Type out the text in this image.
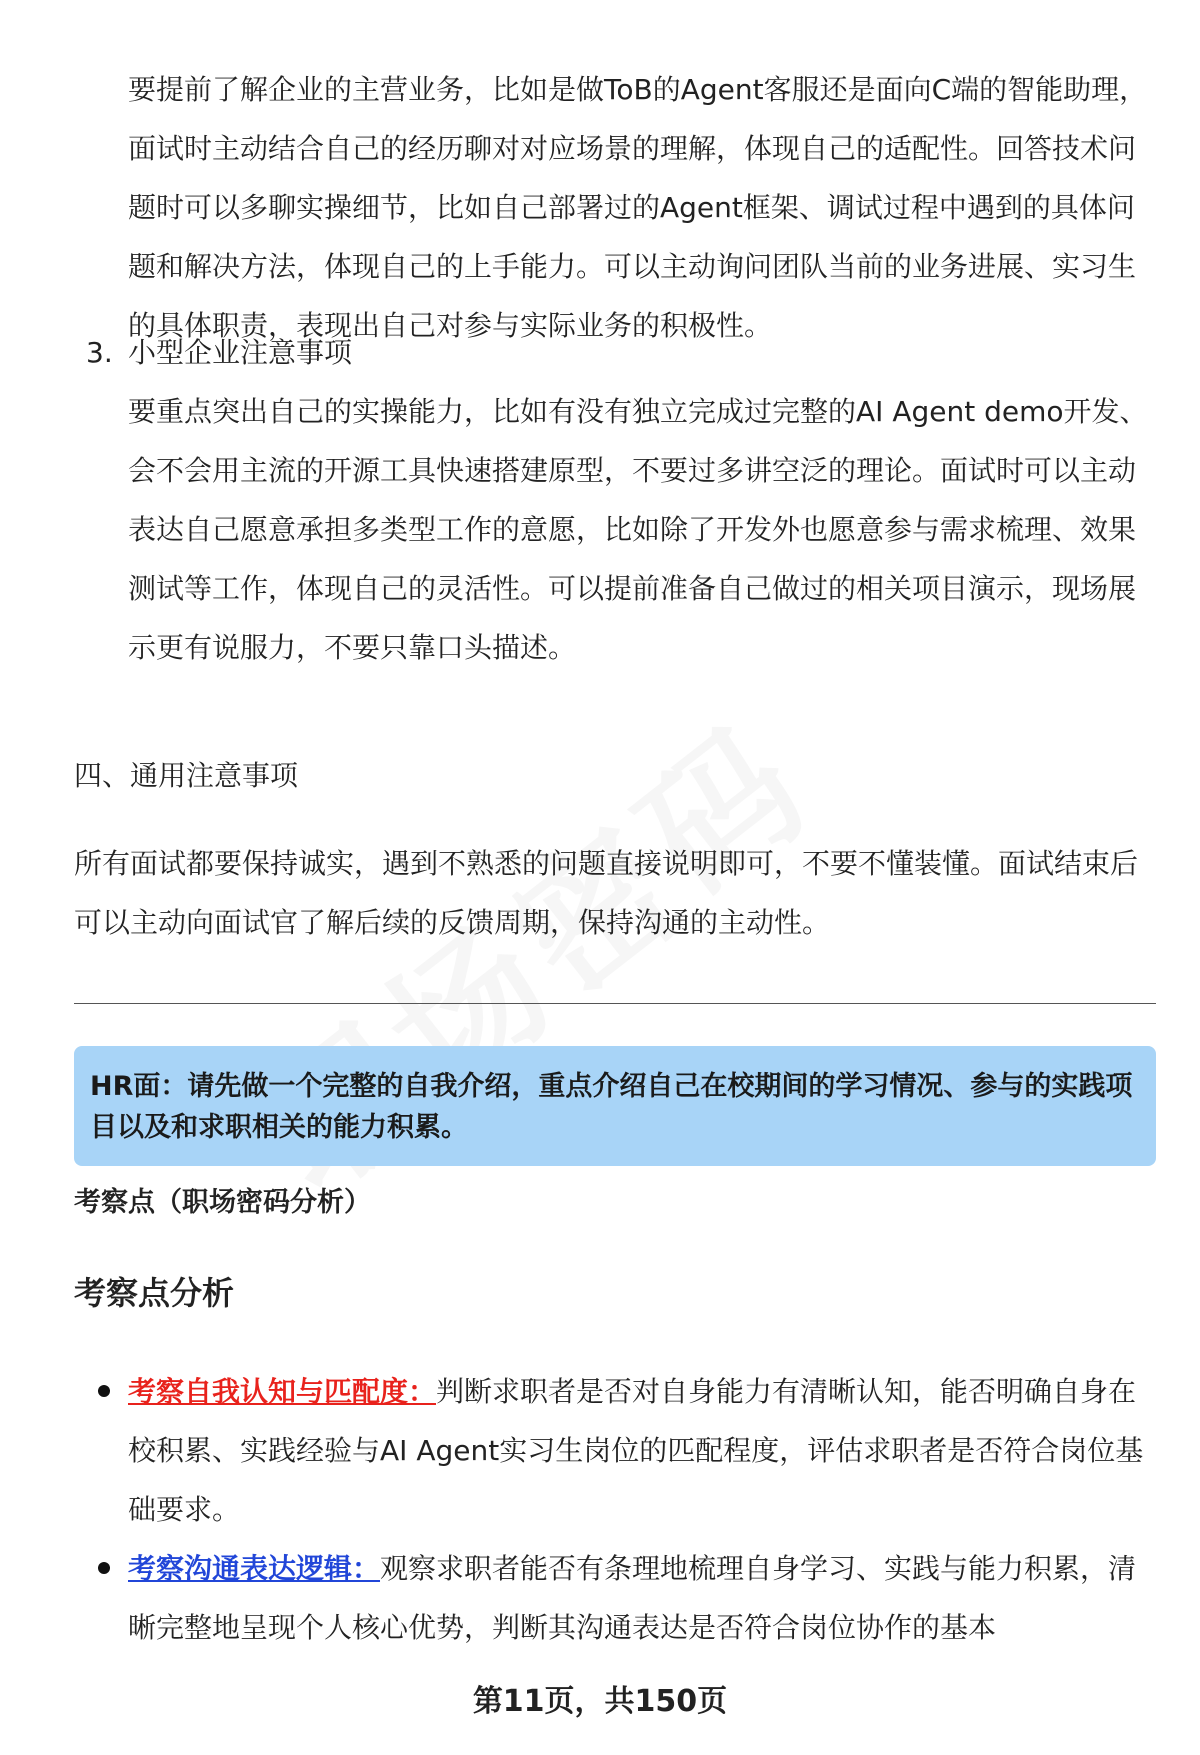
要提前了解企业的主营业务，比如是做ToB的Agent客服还是面向C端的智能助理，面试时主动结合自己的经历聊对对应场景的理解，体现自己的适配性。回答技术问题时可以多聊实操细节，比如自己部署过的Agent框架、调试过程中遇到的具体问题和解决方法，体现自己的上手能力。可以主动询问团队当前的业务进展、实习生的具体职责，表现出自己对参与实际业务的积极性。

3. 小型企业注意事项

要重点突出自己的实操能力，比如有没有独立完成过完整的AI Agent demo开发、会不会用主流的开源工具快速搭建原型，不要过多讲空泛的理论。面试时可以主动表达自己愿意承担多类型工作的意愿，比如除了开发外也愿意参与需求梳理、效果测试等工作，体现自己的灵活性。可以提前准备自己做过的相关项目演示，现场展示更有说服力，不要只靠口头描述。

四、通用注意事项

所有面试都要保持诚实，遇到不熟悉的问题直接说明即可，不要不懂装懂。面试结束后可以主动向面试官了解后续的反馈周期，保持沟通的主动性。

HR面：请先做一个完整的自我介绍，重点介绍自己在校期间的学习情况、参与的实践项目以及和求职相关的能力积累。

考察点（职场密码分析）

考察点分析

考察自我认知与匹配度：判断求职者是否对自身能力有清晰认知，能否明确自身在校积累、实践经验与AI Agent实习生岗位的匹配程度，评估求职者是否符合岗位基础要求。

考察沟通表达逻辑：观察求职者能否有条理地梳理自身学习、实践与能力积累，清晰完整地呈现个人核心优势，判断其沟通表达是否符合岗位协作的基本

第11页，共150页
